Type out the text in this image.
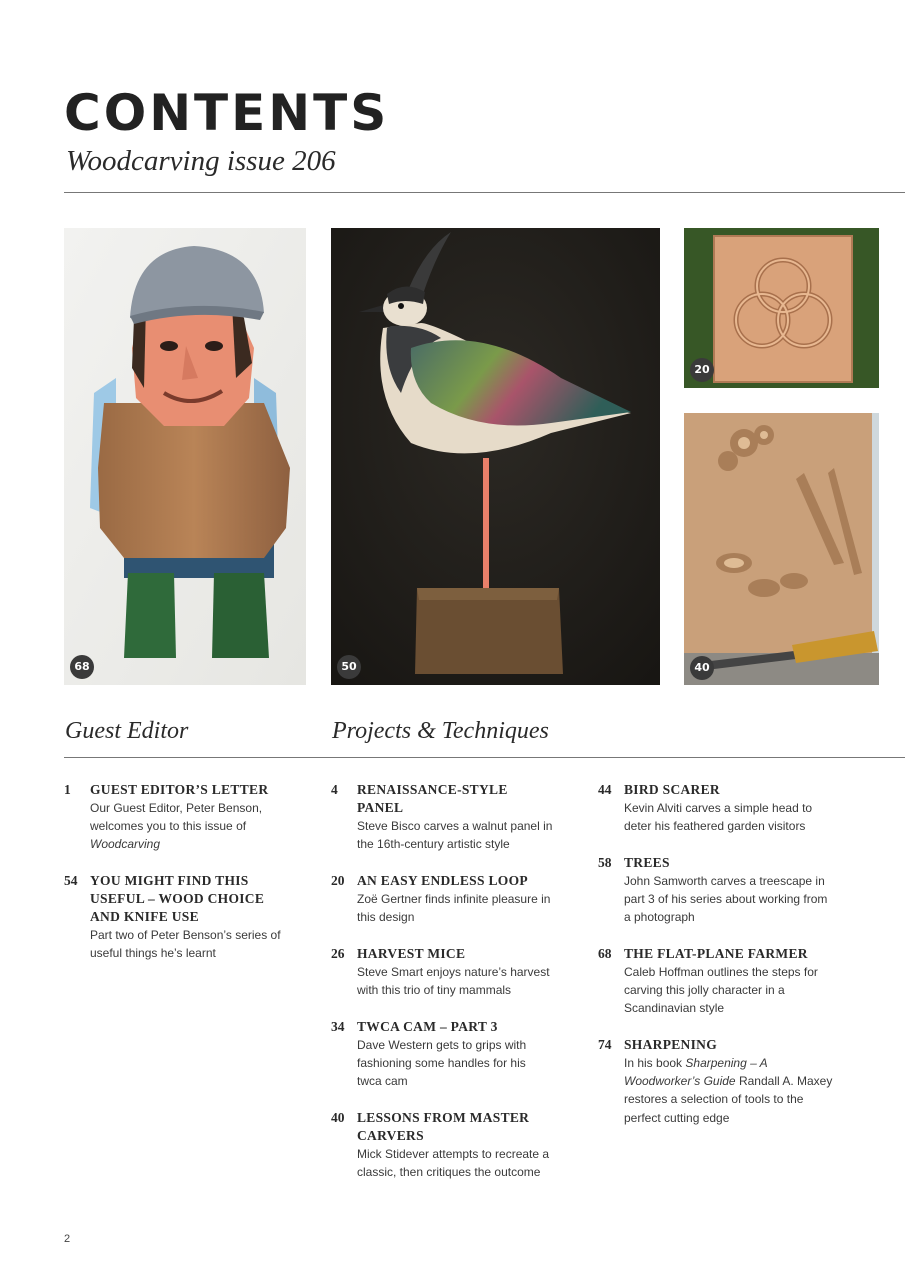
CONTENTS
Woodcarving issue 206
68	50
20
40
Guest Editor	Projects & Techniques
1 GUEST EDITOR’S LETTER
Our Guest Editor, Peter Benson, welcomes you to this issue of Woodcarving
54 YOU MIGHT FIND THIS USEFUL – WOOD CHOICE AND KNIFE USE
Part two of Peter Benson’s series of useful things he’s learnt
4 RENAISSANCE-STYLE PANEL
Steve Bisco carves a walnut panel in the 16th-century artistic style
20 AN EASY ENDLESS LOOP
Zoë Gertner finds infinite pleasure in this design
26 HARVEST MICE
Steve Smart enjoys nature’s harvest with this trio of tiny mammals
34 TWCA CAM – PART 3
Dave Western gets to grips with fashioning some handles for his twca cam
40 LESSONS FROM MASTER CARVERS
Mick Stidever attempts to recreate a classic, then critiques the outcome
44 BIRD SCARER
Kevin Alviti carves a simple head to deter his feathered garden visitors
58 TREES
John Samworth carves a treescape in part 3 of his series about working from a photograph
68 THE FLAT-PLANE FARMER
Caleb Hoffman outlines the steps for carving this jolly character in a Scandinavian style
74 SHARPENING
In his book Sharpening – A Woodworker’s Guide Randall A. Maxey restores a selection of tools to the perfect cutting edge
2
